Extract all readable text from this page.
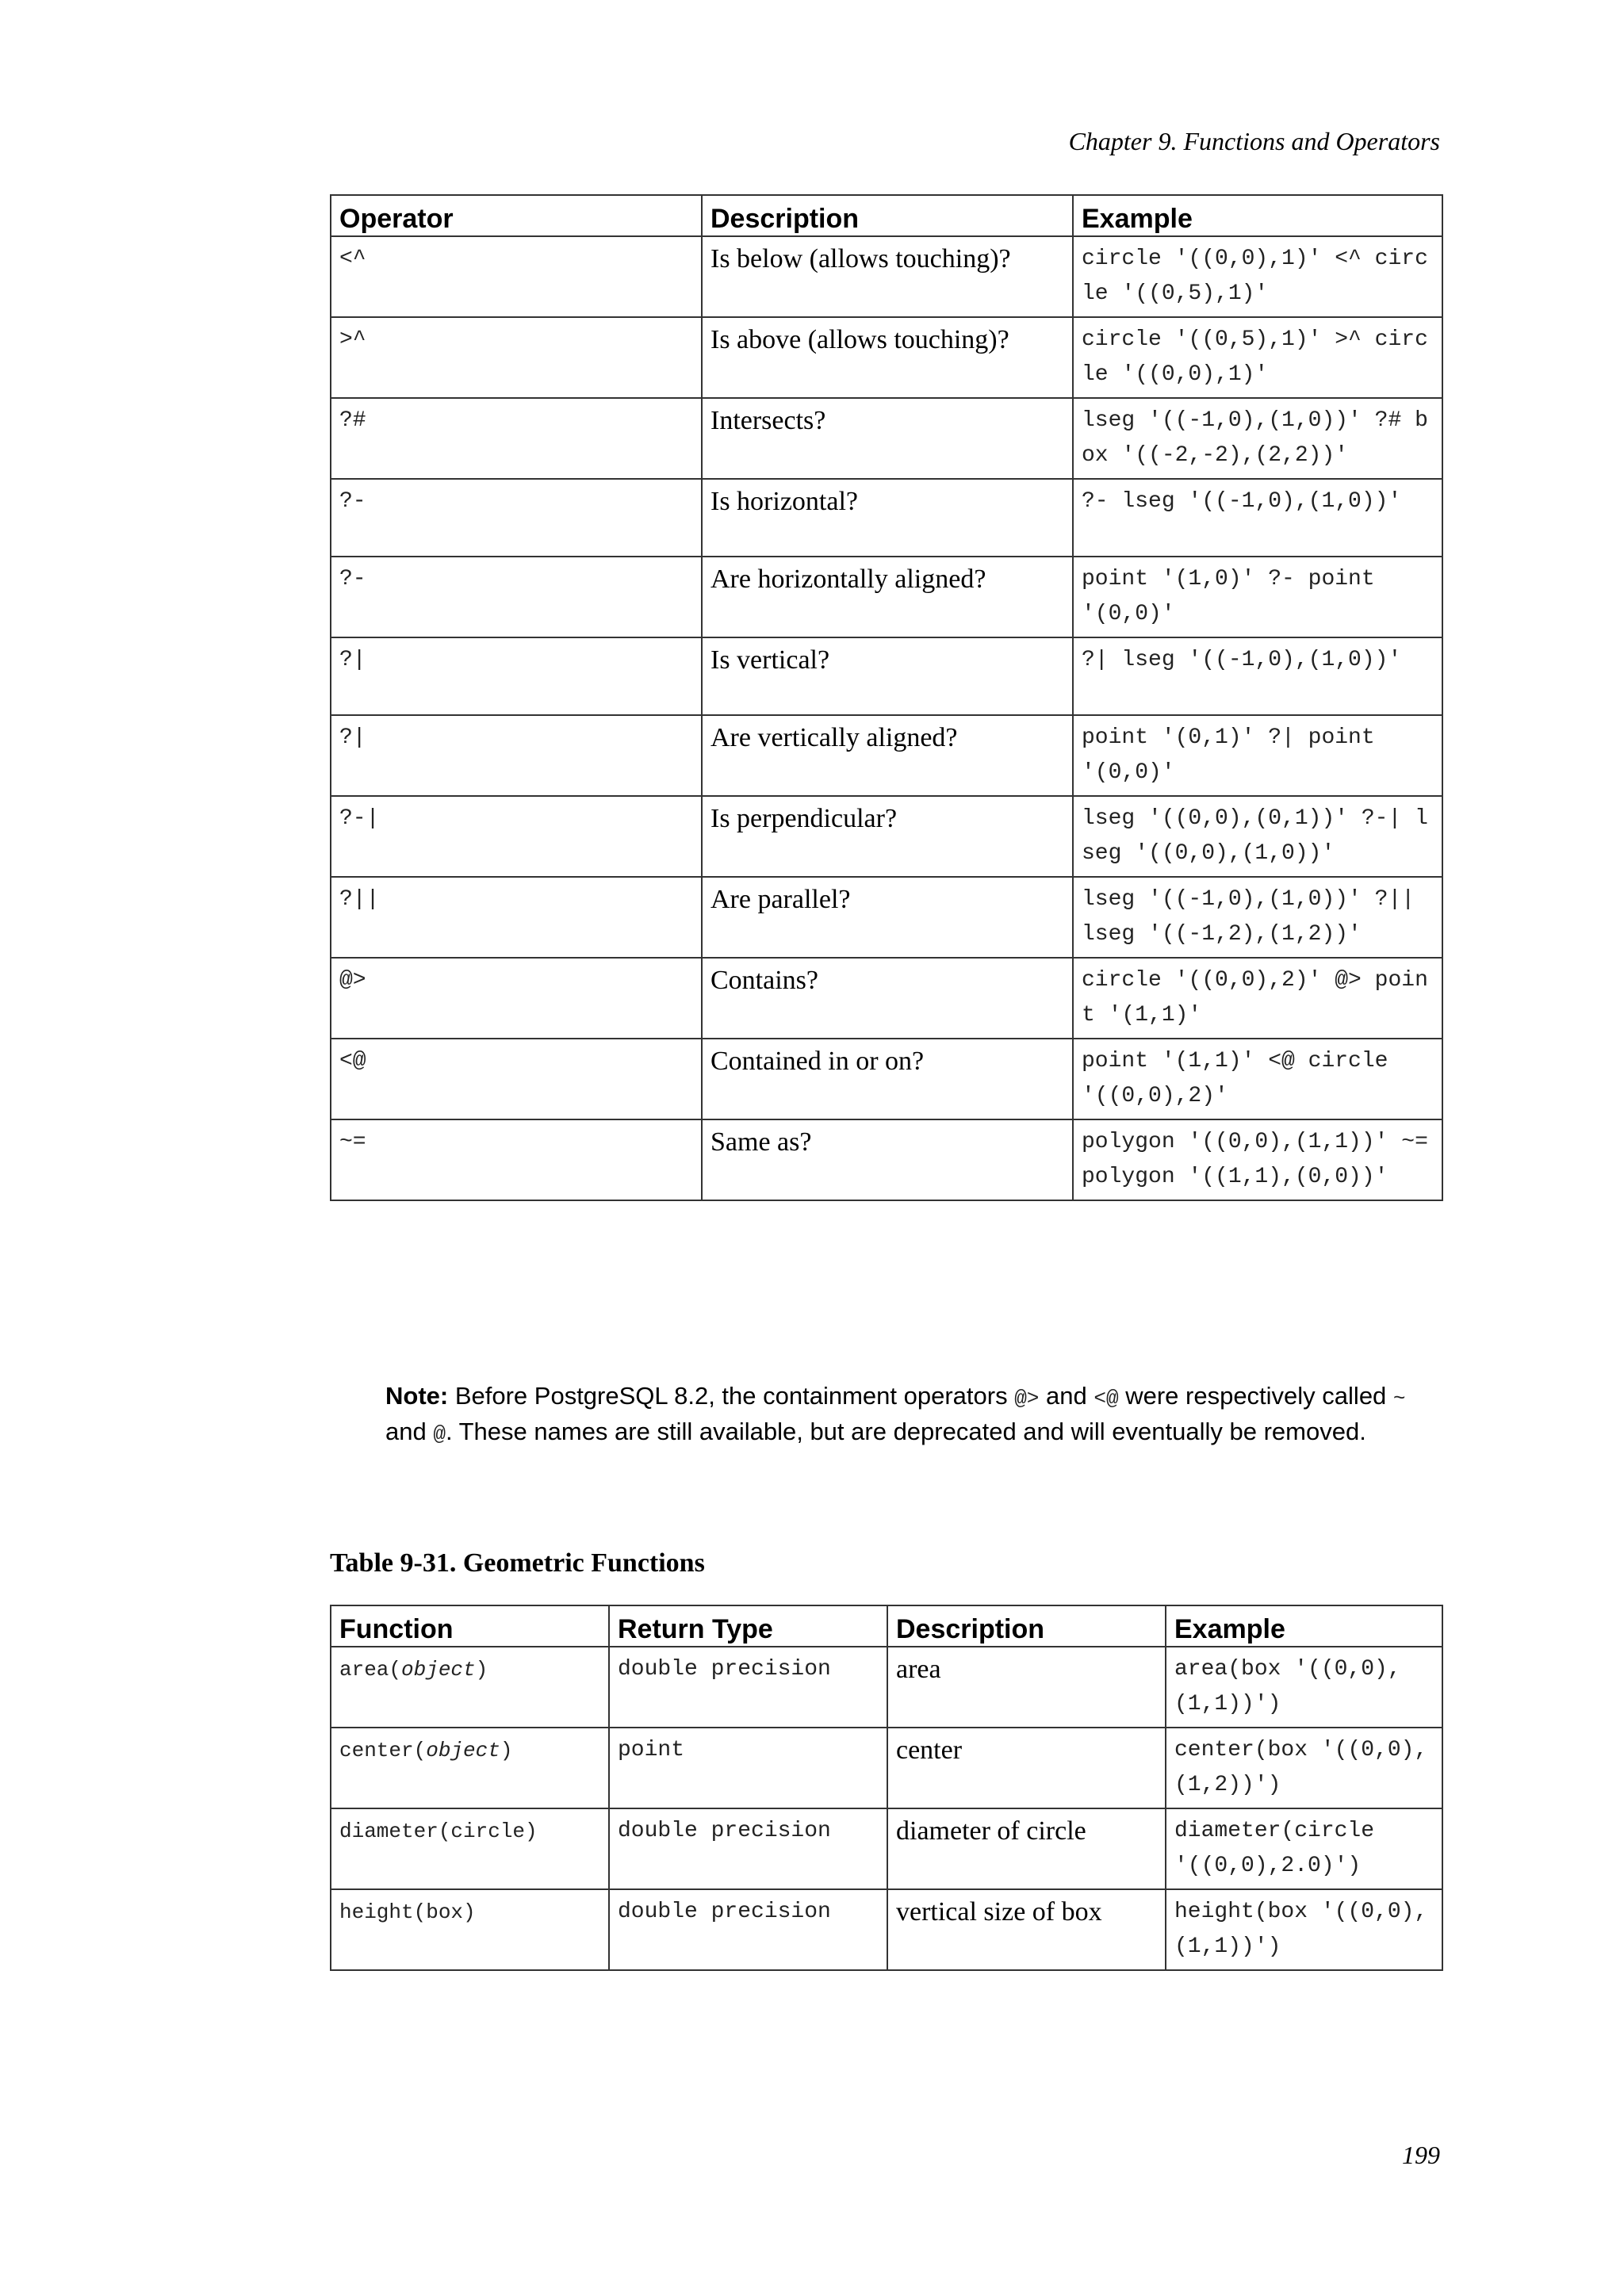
Chapter 9. Functions and Operators
Operator	Description	Example
<^	Is below (allows touching)?	circle '((0,0),1)' <^ circle '((0,5),1)'
>^	Is above (allows touching)?	circle '((0,5),1)' >^ circle '((0,0),1)'
?#	Intersects?	lseg '((-1,0),(1,0))' ?# box '((-2,-2),(2,2))'
?-	Is horizontal?	?- lseg '((-1,0),(1,0))'
?-	Are horizontally aligned?	point '(1,0)' ?- point '(0,0)'
?|	Is vertical?	?| lseg '((-1,0),(1,0))'
?|	Are vertically aligned?	point '(0,1)' ?| point '(0,0)'
?-|	Is perpendicular?	lseg '((0,0),(0,1))' ?-| lseg '((0,0),(1,0))'
?||	Are parallel?	lseg '((-1,0),(1,0))' ?|| lseg '((-1,2),(1,2))'
@>	Contains?	circle '((0,0),2)' @> point '(1,1)'
<@	Contained in or on?	point '(1,1)' <@ circle '((0,0),2)'
~=	Same as?	polygon '((0,0),(1,1))' ~= polygon '((1,1),(0,0))'
Note: Before PostgreSQL 8.2, the containment operators @> and <@ were respectively called ~ and @. These names are still available, but are deprecated and will eventually be removed.
Table 9-31. Geometric Functions
Function	Return Type	Description	Example
area(object)	double precision	area	area(box '((0,0),(1,1))')
center(object)	point	center	center(box '((0,0),(1,2))')
diameter(circle)	double precision	diameter of circle	diameter(circle '((0,0),2.0)')
height(box)	double precision	vertical size of box	height(box '((0,0),(1,1))')
199
